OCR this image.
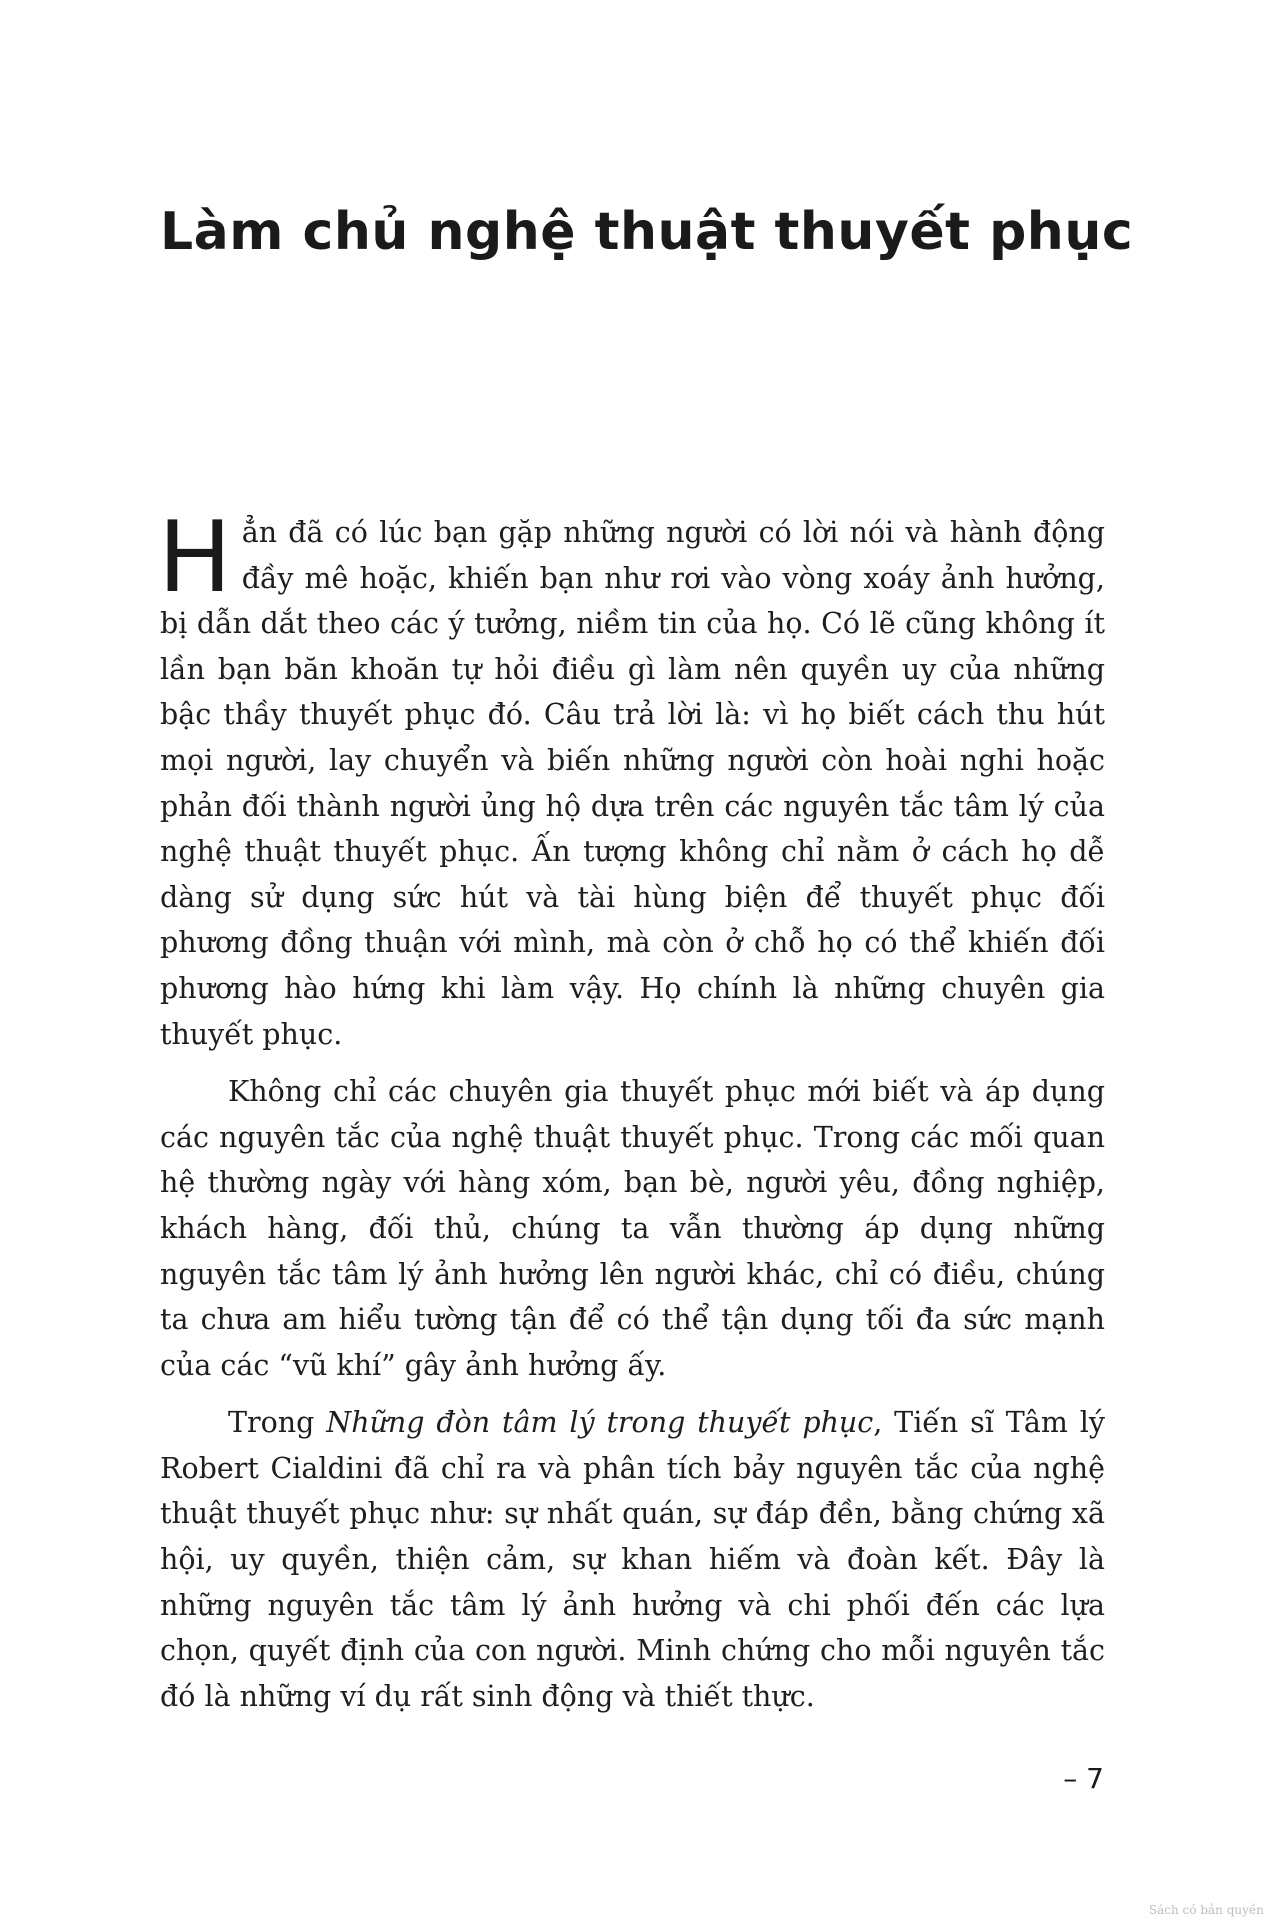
Làm chủ nghệ thuật thuyết phục

Hẳn đã có lúc bạn gặp những người có lời nói và hành động đầy mê hoặc, khiến bạn như rơi vào vòng xoáy ảnh hưởng, bị dẫn dắt theo các ý tưởng, niềm tin của họ. Có lẽ cũng không ít lần bạn băn khoăn tự hỏi điều gì làm nên quyền uy của những bậc thầy thuyết phục đó. Câu trả lời là: vì họ biết cách thu hút mọi người, lay chuyển và biến những người còn hoài nghi hoặc phản đối thành người ủng hộ dựa trên các nguyên tắc tâm lý của nghệ thuật thuyết phục. Ấn tượng không chỉ nằm ở cách họ dễ dàng sử dụng sức hút và tài hùng biện để thuyết phục đối phương đồng thuận với mình, mà còn ở chỗ họ có thể khiến đối phương hào hứng khi làm vậy. Họ chính là những chuyên gia thuyết phục.

Không chỉ các chuyên gia thuyết phục mới biết và áp dụng các nguyên tắc của nghệ thuật thuyết phục. Trong các mối quan hệ thường ngày với hàng xóm, bạn bè, người yêu, đồng nghiệp, khách hàng, đối thủ, chúng ta vẫn thường áp dụng những nguyên tắc tâm lý ảnh hưởng lên người khác, chỉ có điều, chúng ta chưa am hiểu tường tận để có thể tận dụng tối đa sức mạnh của các “vũ khí” gây ảnh hưởng ấy.

Trong Những đòn tâm lý trong thuyết phục, Tiến sĩ Tâm lý Robert Cialdini đã chỉ ra và phân tích bảy nguyên tắc của nghệ thuật thuyết phục như: sự nhất quán, sự đáp đền, bằng chứng xã hội, uy quyền, thiện cảm, sự khan hiếm và đoàn kết. Đây là những nguyên tắc tâm lý ảnh hưởng và chi phối đến các lựa chọn, quyết định của con người. Minh chứng cho mỗi nguyên tắc đó là những ví dụ rất sinh động và thiết thực.

– 7
Sách có bản quyền
